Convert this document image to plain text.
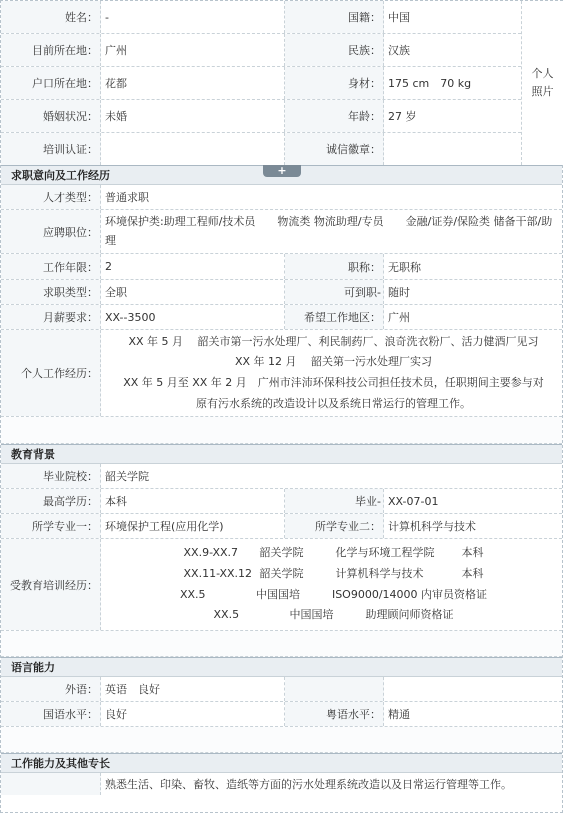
姓名： -	国籍： 中国
目前所在地： 广州	民族： 汉族
户口所在地： 花都	身材： 175 cm　70 kg
婚姻状况： 未婚	年龄： 27 岁
培训认证：	诚信徽章：
个人照片
求职意向及工作经历	+
人才类型： 普通求职
应聘职位：
环境保护类:助理工程师/技术员　　物流类 物流助理/专员　　金融/证券/保险类 储备干部/助理
工作年限： 2	职称： 无职称
求职类型： 全职	可到职- 随时
月薪要求： XX--3500	希望工作地区： 广州
个人工作经历：
XX 年 5 月　 韶关市第一污水处理厂、利民制药厂、浪奇洗衣粉厂、活力健酒厂见习
XX 年 12 月　 韶关第一污水处理厂实习
XX 年 5 月至 XX 年 2 月　广州市沣沛环保科技公司担任技术员，任职期间主要参与对
原有污水系统的改造设计以及系统日常运行的管理工作。
教育背景
毕业院校： 韶关学院
最高学历： 本科	毕业- XX-07-01
所学专业一： 环境保护工程(应用化学)	所学专业二： 计算机科学与技术
受教育培训经历：
XX.9-XX.7	韶关学院	化学与环境工程学院	本科
XX.11-XX.12 韶关学院	计算机科学与技术	本科
XX.5	中国国培	ISO9000/14000 内审员资格证
XX.5	中国国培	助理顾问师资格证
语言能力
外语： 英语　良好
国语水平： 良好	粤语水平： 精通
工作能力及其他专长
熟悉生活、印染、畜牧、造纸等方面的污水处理系统改造以及日常运行管理等工作。
